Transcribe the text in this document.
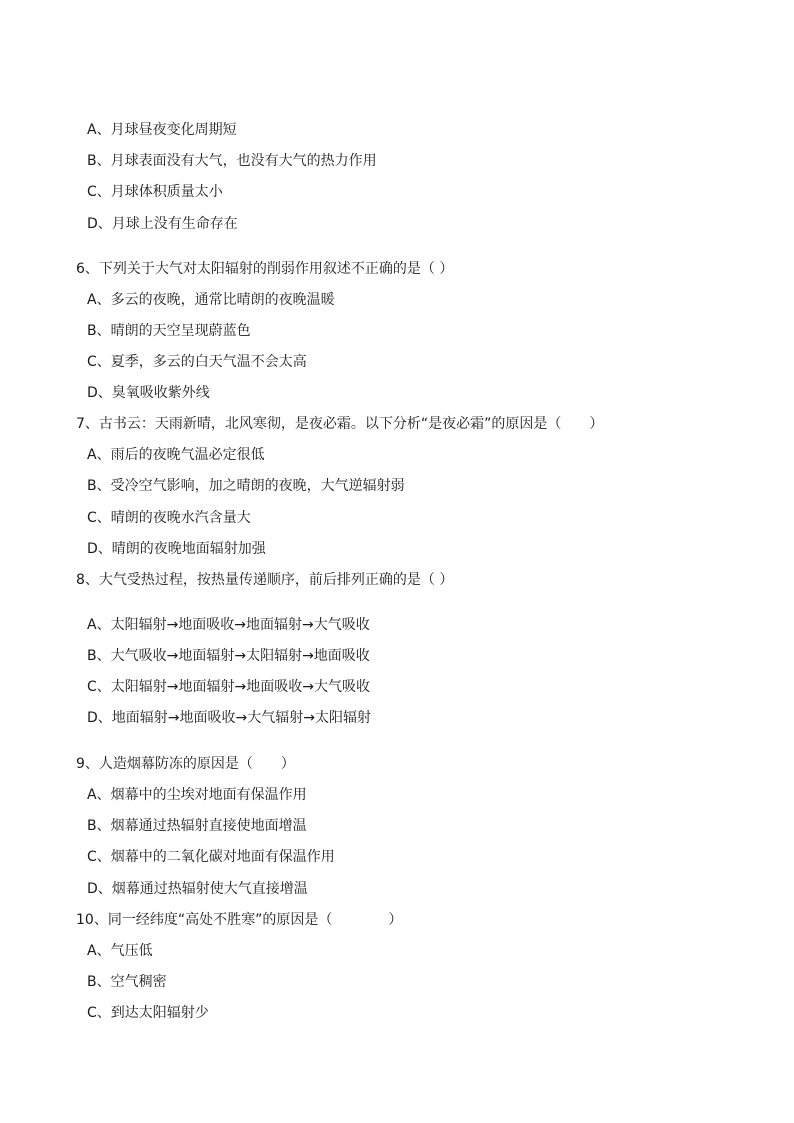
A、月球昼夜变化周期短
B、月球表面没有大气，也没有大气的热力作用
C、月球体积质量太小
D、月球上没有生命存在
6、下列关于大气对太阳辐射的削弱作用叙述不正确的是（ ）
A、多云的夜晚，通常比晴朗的夜晚温暖
B、晴朗的天空呈现蔚蓝色
C、夏季，多云的白天气温不会太高
D、臭氧吸收紫外线
7、古书云：天雨新晴，北风寒彻，是夜必霜。以下分析“是夜必霜”的原因是（　　）
A、雨后的夜晚气温必定很低
B、受冷空气影响，加之晴朗的夜晚，大气逆辐射弱
C、晴朗的夜晚水汽含量大
D、晴朗的夜晚地面辐射加强
8、大气受热过程，按热量传递顺序，前后排列正确的是（ ）
A、太阳辐射→地面吸收→地面辐射→大气吸收
B、大气吸收→地面辐射→太阳辐射→地面吸收
C、太阳辐射→地面辐射→地面吸收→大气吸收
D、地面辐射→地面吸收→大气辐射→太阳辐射
9、人造烟幕防冻的原因是（　　）
A、烟幕中的尘埃对地面有保温作用
B、烟幕通过热辐射直接使地面增温
C、烟幕中的二氧化碳对地面有保温作用
D、烟幕通过热辐射使大气直接增温
10、同一经纬度“高处不胜寒”的原因是（　　　　）
A、气压低
B、空气稠密
C、到达太阳辐射少
